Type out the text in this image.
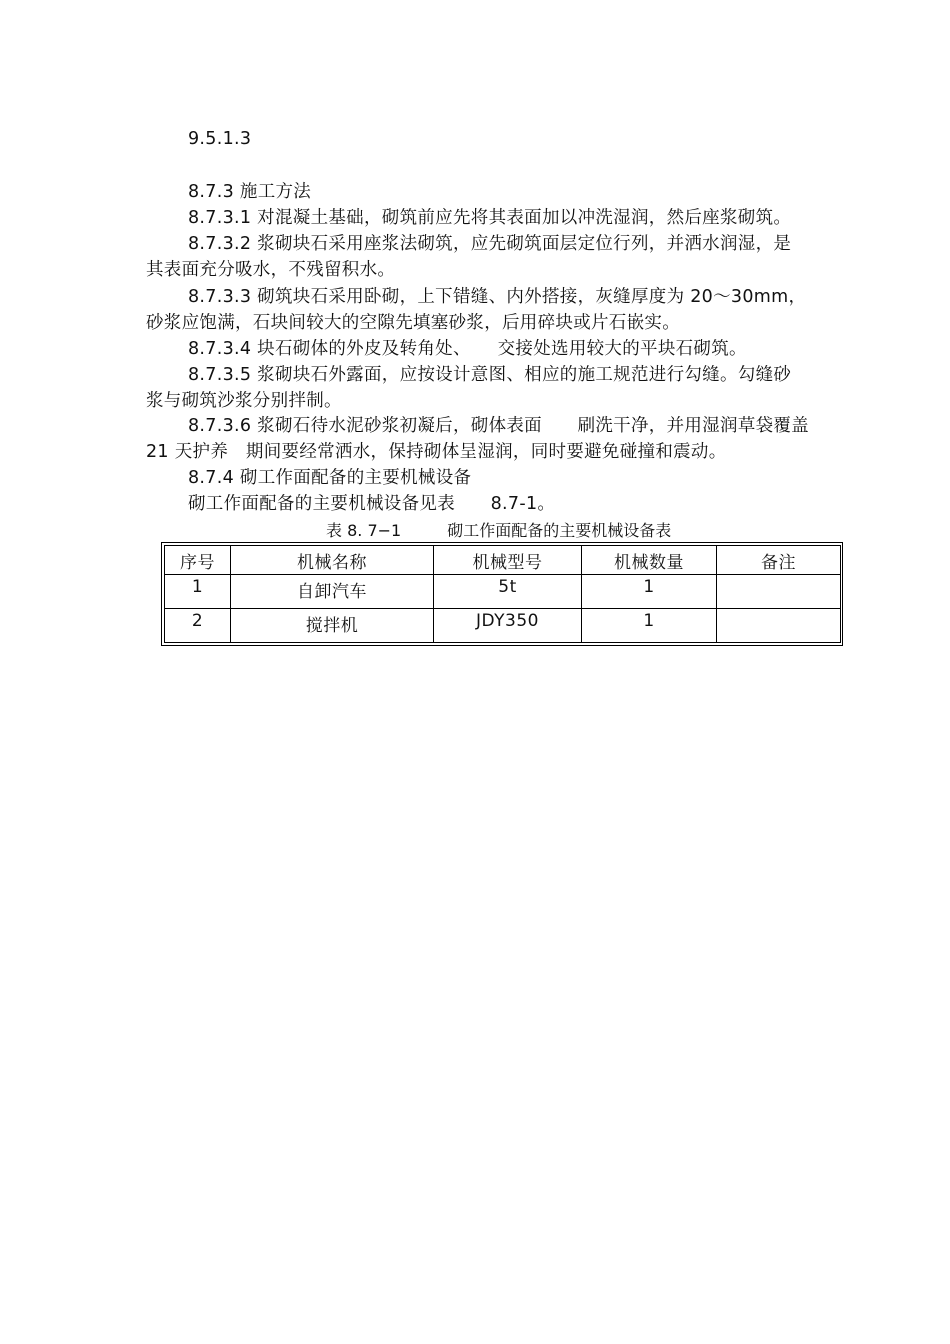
9.5.1.3
8.7.3 施工方法
8.7.3.1 对混凝土基础，砌筑前应先将其表面加以冲洗湿润，然后座浆砌筑。
8.7.3.2 浆砌块石采用座浆法砌筑，应先砌筑面层定位行列，并洒水润湿，是
其表面充分吸水，不残留积水。
8.7.3.3 砌筑块石采用卧砌，上下错缝、内外搭接，灰缝厚度为 20～30mm，
砂浆应饱满，石块间较大的空隙先填塞砂浆，后用碎块或片石嵌实。
8.7.3.4 块石砌体的外皮及转角处、　　交接处选用较大的平块石砌筑。
8.7.3.5 浆砌块石外露面，应按设计意图、相应的施工规范进行勾缝。勾缝砂
浆与砌筑沙浆分别拌制。
8.7.3.6 浆砌石待水泥砂浆初凝后，砌体表面　　刷洗干净，并用湿润草袋覆盖
21 天护养　期间要经常洒水，保持砌体呈湿润，同时要避免碰撞和震动。
8.7.4 砌工作面配备的主要机械设备
砌工作面配备的主要机械设备见表　　8.7-1。
表 8. 7−1	砌工作面配备的主要机械设备表
序号	机械名称	机械型号	机械数量	备注
1	自卸汽车	5t	1	
2	搅拌机	JDY350	1	
